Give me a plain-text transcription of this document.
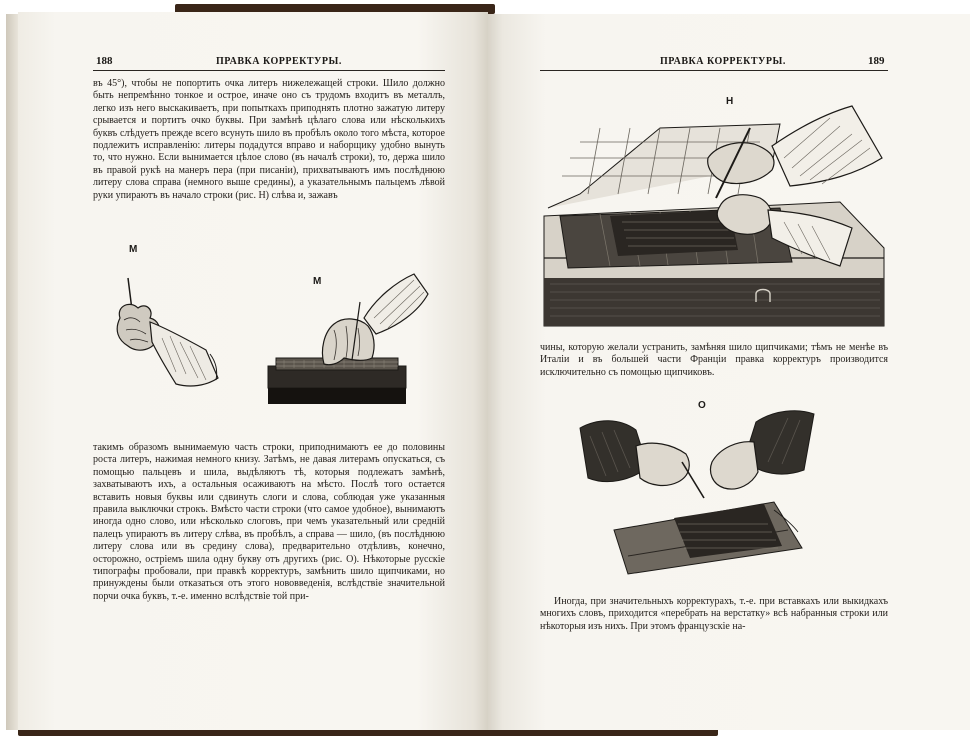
188	ПРАВКА КОРРЕКТУРЫ.

въ 45°), чтобы не попортить очка литеръ нижележащей строки. Шило должно быть непремѣнно тонкое и острое, иначе оно съ трудомъ входитъ въ металлъ, легко изъ него выскакиваетъ, при попыткахъ приподнять плотно зажатую литеру срывается и портитъ очко буквы. При замѣнѣ цѣлаго слова или нѣсколькихъ буквъ слѣдуетъ прежде всего всунуть шило въ пробѣлъ около того мѣста, которое подлежитъ исправленію: литеры подадутся вправо и наборщику удобно вынуть то, что нужно. Если вынимается цѣлое слово (въ началѣ строки), то, держа шило въ правой рукѣ на манеръ пера (при писаніи), прихватываютъ имъ послѣднюю литеру слова справа (немного выше средины), а указательнымъ пальцемъ лѣвой руки упираютъ въ начало строки (рис. Н) слѣва и, зажавъ

М
М

такимъ образомъ вынимаемую часть строки, приподнимаютъ ее до половины роста литеръ, нажимая немного книзу. Затѣмъ, не давая литерамъ опускаться, съ помощью пальцевъ и шила, выдѣляютъ тѣ, которыя подлежатъ замѣнѣ, захватываютъ ихъ, а остальныя осаживаютъ на мѣсто. Послѣ того остается вставить новыя буквы или сдвинуть слоги и слова, соблюдая уже указанныя правила выключки строкъ. Вмѣсто части строки (что самое удобное), вынимаютъ иногда одно слово, или нѣсколько слоговъ, при чемъ указательный или средній палецъ упираютъ въ литеру слѣва, въ пробѣлъ, а справа — шило, (въ послѣднюю литеру слова или въ средину слова), предварительно отдѣливъ, конечно, осторожно, остріемъ шила одну букву отъ другихъ (рис. О). Нѣкоторые русскіе типографы пробовали, при правкѣ корректуръ, замѣнить шило щипчиками, но принуждены были отказаться отъ этого нововведенія, вслѣдствіе значительной порчи очка буквъ, т.-е. именно вслѣдствіе той при-

ПРАВКА КОРРЕКТУРЫ.	189
Н

чины, которую желали устранить, замѣняя шило щипчиками; тѣмъ не менѣе въ Италіи и въ большей части Франціи правка корректуръ производится исключительно съ помощью щипчиковъ.

О

Иногда, при значительныхъ корректурахъ, т.-е. при вставкахъ или выкидкахъ многихъ словъ, приходится «перебрать на верстатку» всѣ набранныя строки или нѣкоторыя изъ нихъ. При этомъ французскіе на-
